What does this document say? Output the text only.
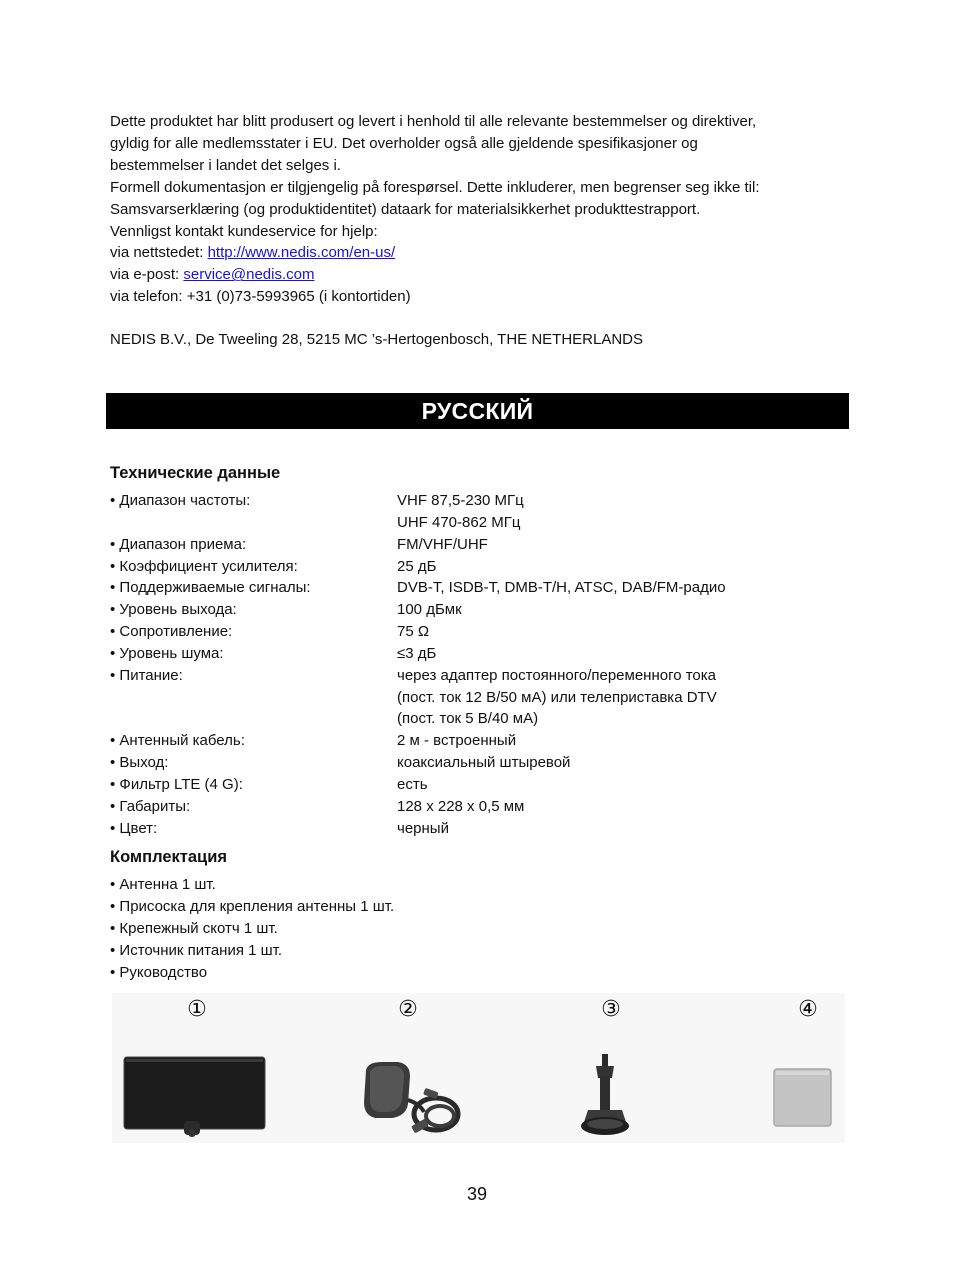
Dette produktet har blitt produsert og levert i henhold til alle relevante bestemmelser og direktiver,

gyldig for alle medlemsstater i EU. Det overholder også alle gjeldende spesifikasjoner og

bestemmelser i landet det selges i.

Formell dokumentasjon er tilgjengelig på forespørsel. Dette inkluderer, men begrenser seg ikke til:

Samsvarserklæring (og produktidentitet) dataark for materialsikkerhet produkttestrapport.

Vennligst kontakt kundeservice for hjelp:

via nettstedet: http://www.nedis.com/en-us/

via e-post: service@nedis.com

via telefon: +31 (0)73-5993965 (i kontortiden)

NEDIS B.V., De Tweeling 28, 5215 MC ’s-Hertogenbosch, THE NETHERLANDS
РУССКИЙ
Технические данные
• Диапазон частоты:	VHF 87,5-230 МГц
UHF 470-862 МГц
• Диапазон приема:	FM/VHF/UHF
• Коэффициент усилителя:	25 дБ
• Поддерживаемые сигналы:	DVB-T, ISDB-T, DMB-T/H, ATSC, DAB/FM-радио
• Уровень выхода:	100 дБмк
• Сопротивление:	75 Ω
• Уровень шума:	≤3 дБ
• Питание:	через адаптер постоянного/переменного тока
(пост. ток 12 В/50 мА) или телеприставка DTV
(пост. ток 5 В/40 мА)
• Антенный кабель:	2 м - встроенный
• Выход:	коаксиальный штыревой
• Фильтр LTE (4 G):	есть
• Габариты:	128 x 228 x 0,5 мм
• Цвет:	черный
Комплектация
• Антенна 1 шт.
• Присоска для крепления антенны 1 шт.
• Крепежный скотч 1 шт.
• Источник питания 1 шт.
• Руководство
①	②	③	④
39
